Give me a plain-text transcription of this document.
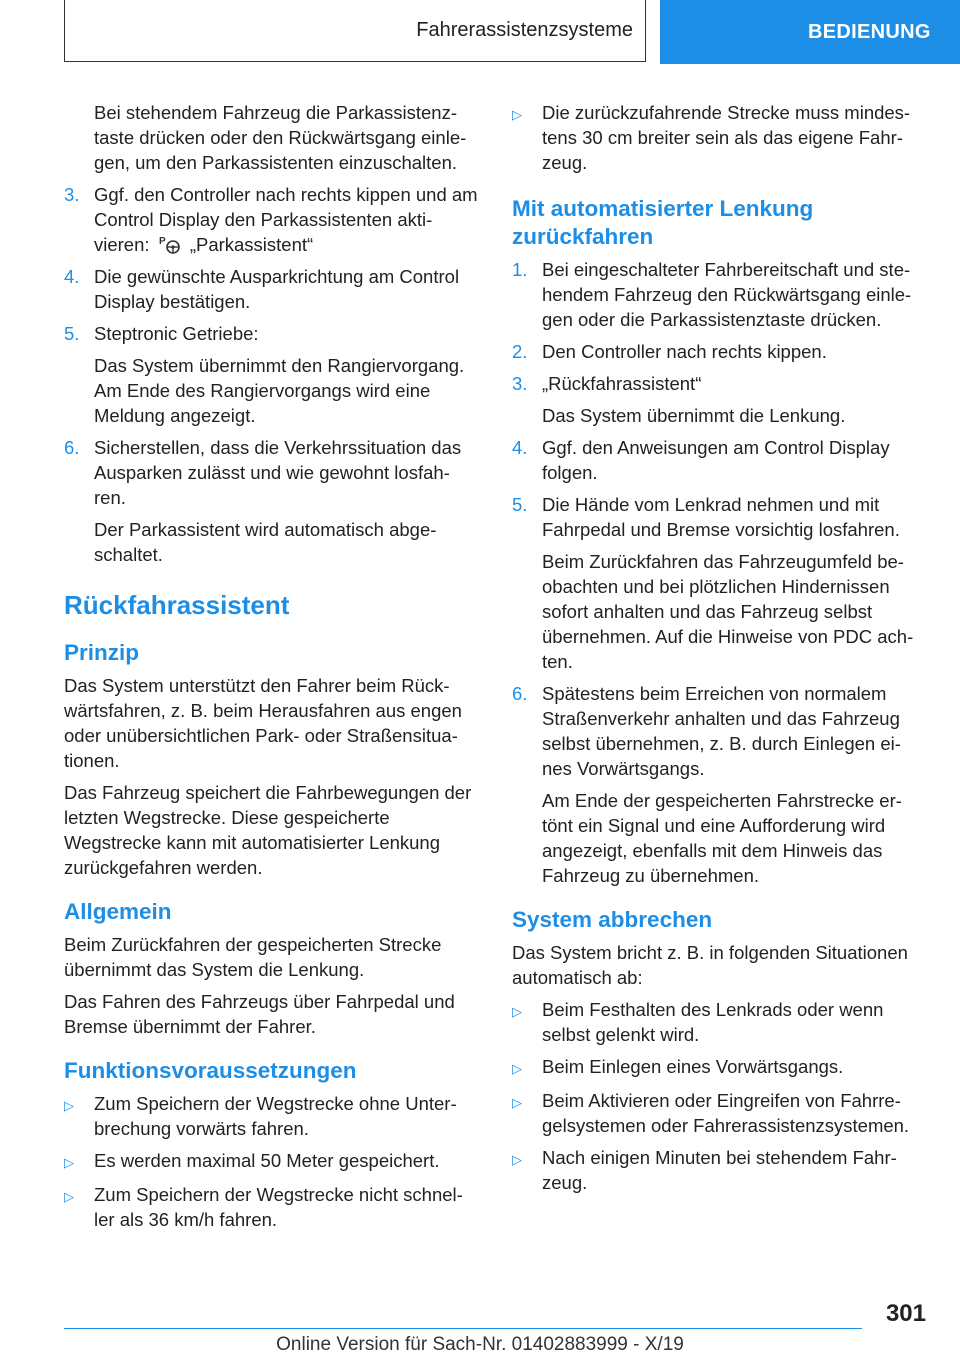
Fahrerassistenzsysteme	BEDIENUNG

Bei stehendem Fahrzeug die Parkassistenz-taste drücken oder den Rückwärtsgang einle-gen, um den Parkassistenten einzuschalten.

3. Ggf. den Controller nach rechts kippen und am Control Display den Parkassistenten akti-vieren: P „Parkassistent“
4. Die gewünschte Ausparkrichtung am Control Display bestätigen.
5. Steptronic Getriebe:

Das System übernimmt den Rangiervorgang. Am Ende des Rangiervorgangs wird eine Meldung angezeigt.

6. Sicherstellen, dass die Verkehrssituation das Ausparken zulässt und wie gewohnt losfah-ren.

Der Parkassistent wird automatisch abge-schaltet.

Rückfahrassistent
Prinzip

Das System unterstützt den Fahrer beim Rück-wärtsfahren, z. B. beim Herausfahren aus engen oder unübersichtlichen Park- oder Straßensitua-tionen.

Das Fahrzeug speichert die Fahrbewegungen der letzten Wegstrecke. Diese gespeicherte Wegstrecke kann mit automatisierter Lenkung zurückgefahren werden.

Allgemein

Beim Zurückfahren der gespeicherten Strecke übernimmt das System die Lenkung.

Das Fahren des Fahrzeugs über Fahrpedal und Bremse übernimmt der Fahrer.

Funktionsvoraussetzungen
▷	Zum Speichern der Wegstrecke ohne Unter-brechung vorwärts fahren.
▷	Es werden maximal 50 Meter gespeichert.
▷	Zum Speichern der Wegstrecke nicht schnel-ler als 36 km/h fahren.
▷	Die zurückzufahrende Strecke muss mindes-tens 30 cm breiter sein als das eigene Fahr-zeug.
Mit automatisierter Lenkung zurückfahren
1. Bei eingeschalteter Fahrbereitschaft und ste-hendem Fahrzeug den Rückwärtsgang einle-gen oder die Parkassistenztaste drücken.
2. Den Controller nach rechts kippen.
3. „Rückfahrassistent“

Das System übernimmt die Lenkung.

4. Ggf. den Anweisungen am Control Display folgen.
5. Die Hände vom Lenkrad nehmen und mit Fahrpedal und Bremse vorsichtig losfahren.

Beim Zurückfahren das Fahrzeugumfeld be-obachten und bei plötzlichen Hindernissen sofort anhalten und das Fahrzeug selbst übernehmen. Auf die Hinweise von PDC ach-ten.

6. Spätestens beim Erreichen von normalem Straßenverkehr anhalten und das Fahrzeug selbst übernehmen, z. B. durch Einlegen ei-nes Vorwärtsgangs.

Am Ende der gespeicherten Fahrstrecke er-tönt ein Signal und eine Aufforderung wird angezeigt, ebenfalls mit dem Hinweis das Fahrzeug zu übernehmen.

System abbrechen

Das System bricht z. B. in folgenden Situationen automatisch ab:

▷	Beim Festhalten des Lenkrads oder wenn selbst gelenkt wird.
▷	Beim Einlegen eines Vorwärtsgangs.
▷	Beim Aktivieren oder Eingreifen von Fahrre-gelsystemen oder Fahrerassistenzsystemen.
▷	Nach einigen Minuten bei stehendem Fahr-zeug.
301
Online Version für Sach-Nr. 01402883999 - X/19
